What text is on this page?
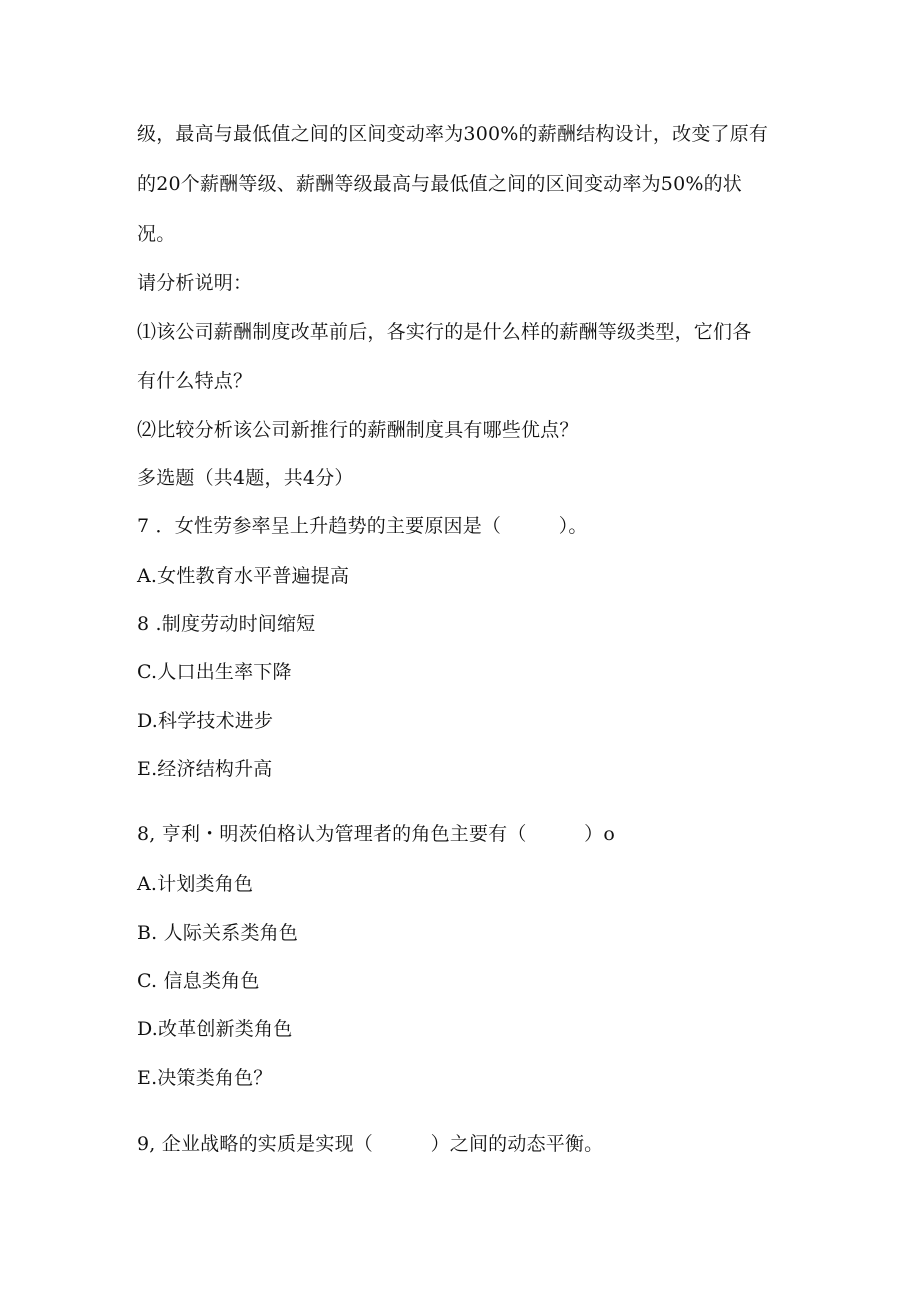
级，最高与最低值之间的区间变动率为300%的薪酬结构设计，改变了原有
的20个薪酬等级、薪酬等级最高与最低值之间的区间变动率为50%的状
况。
请分析说明：
⑴该公司薪酬制度改革前后，各实行的是什么样的薪酬等级类型，它们各
有什么特点？
⑵比较分析该公司新推行的薪酬制度具有哪些优点？
多选题（共4题，共4分）
7 ．女性劳参率呈上升趋势的主要原因是（　　　）。
A.女性教育水平普遍提高
8 .制度劳动时间缩短
C.人口出生率下降
D.科学技术进步
E.经济结构升高
8, 亨利・明茨伯格认为管理者的角色主要有（　　　）o
A.计划类角色
B. 人际关系类角色
C. 信息类角色
D.改革创新类角色
E.决策类角色？
9, 企业战略的实质是实现（　　　）之间的动态平衡。
